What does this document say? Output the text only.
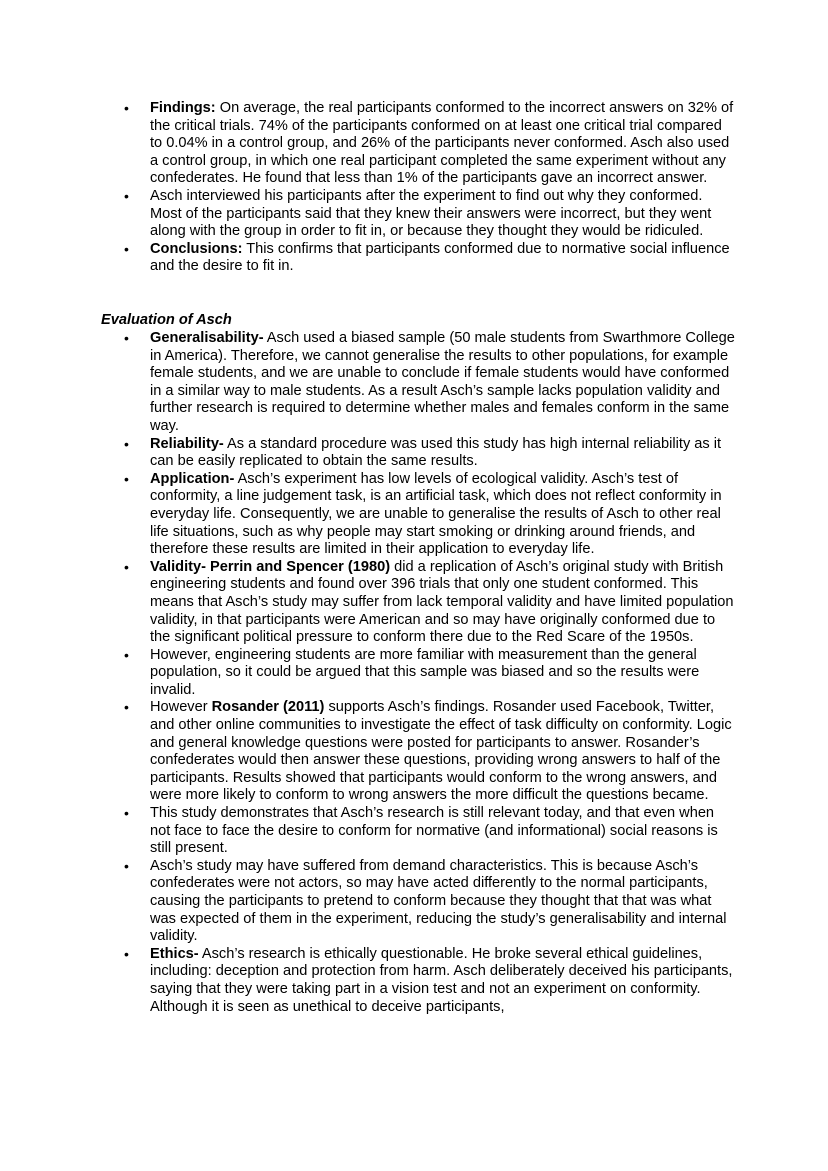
• Findings: On average, the real participants conformed to the incorrect answers on 32% of the critical trials. 74% of the participants conformed on at least one critical trial compared to 0.04% in a control group, and 26% of the participants never conformed. Asch also used a control group, in which one real participant completed the same experiment without any confederates. He found that less than 1% of the participants gave an incorrect answer.
• Asch interviewed his participants after the experiment to find out why they conformed. Most of the participants said that they knew their answers were incorrect, but they went along with the group in order to fit in, or because they thought they would be ridiculed.
• Conclusions: This confirms that participants conformed due to normative social influence and the desire to fit in.
Evaluation of Asch
• Generalisability- Asch used a biased sample (50 male students from Swarthmore College in America). Therefore, we cannot generalise the results to other populations, for example female students, and we are unable to conclude if female students would have conformed in a similar way to male students. As a result Asch’s sample lacks population validity and further research is required to determine whether males and females conform in the same way.
• Reliability- As a standard procedure was used this study has high internal reliability as it can be easily replicated to obtain the same results.
• Application- Asch’s experiment has low levels of ecological validity. Asch’s test of conformity, a line judgement task, is an artificial task, which does not reflect conformity in everyday life. Consequently, we are unable to generalise the results of Asch to other real life situations, such as why people may start smoking or drinking around friends, and therefore these results are limited in their application to everyday life.
• Validity- Perrin and Spencer (1980) did a replication of Asch’s original study with British engineering students and found over 396 trials that only one student conformed. This means that Asch’s study may suffer from lack temporal validity and have limited population validity, in that participants were American and so may have originally conformed due to the significant political pressure to conform there due to the Red Scare of the 1950s.
• However, engineering students are more familiar with measurement than the general population, so it could be argued that this sample was biased and so the results were invalid.
• However Rosander (2011) supports Asch’s findings. Rosander used Facebook, Twitter, and other online communities to investigate the effect of task difficulty on conformity. Logic and general knowledge questions were posted for participants to answer. Rosander’s confederates would then answer these questions, providing wrong answers to half of the participants. Results showed that participants would conform to the wrong answers, and were more likely to conform to wrong answers the more difficult the questions became.
• This study demonstrates that Asch’s research is still relevant today, and that even when not face to face the desire to conform for normative (and informational) social reasons is still present.
• Asch’s study may have suffered from demand characteristics. This is because Asch’s confederates were not actors, so may have acted differently to the normal participants, causing the participants to pretend to conform because they thought that that was what was expected of them in the experiment, reducing the study’s generalisability and internal validity.
• Ethics- Asch’s research is ethically questionable. He broke several ethical guidelines, including: deception and protection from harm. Asch deliberately deceived his participants, saying that they were taking part in a vision test and not an experiment on conformity. Although it is seen as unethical to deceive participants,
